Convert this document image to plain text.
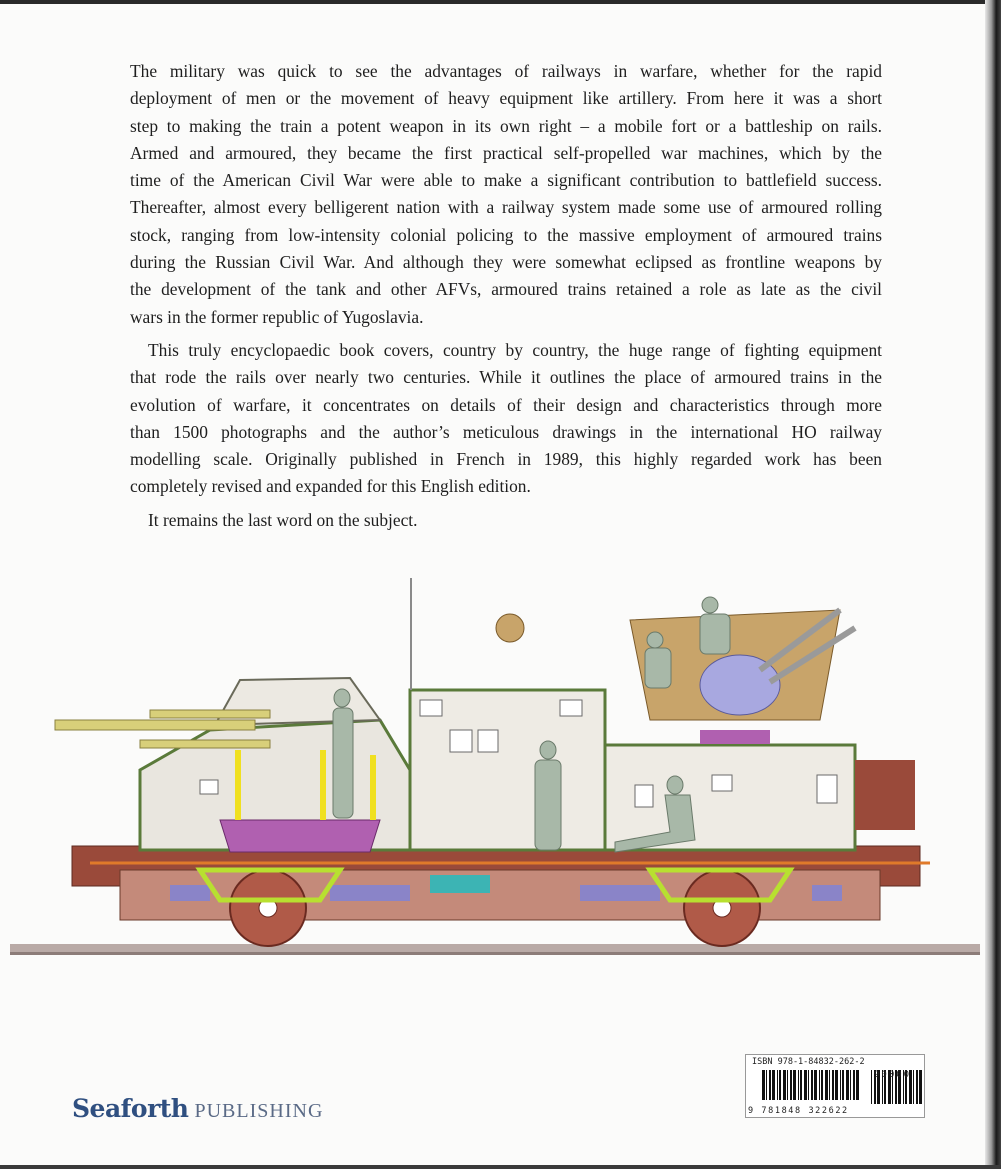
The military was quick to see the advantages of railways in warfare, whether for the rapid
deployment of men or the movement of heavy equipment like artillery. From here it was a short
step to making the train a potent weapon in its own right – a mobile fort or a battleship on rails.
Armed and armoured, they became the first practical self-propelled war machines, which by the
time of the American Civil War were able to make a significant contribution to battlefield success.
Thereafter, almost every belligerent nation with a railway system made some use of armoured rolling
stock, ranging from low-intensity colonial policing to the massive employment of armoured trains
during the Russian Civil War. And although they were somewhat eclipsed as frontline weapons by
the development of the tank and other AFVs, armoured trains retained a role as late as the civil
wars in the former republic of Yugoslavia.
This truly encyclopaedic book covers, country by country, the huge range of fighting equipment
that rode the rails over nearly two centuries. While it outlines the place of armoured trains in the
evolution of warfare, it concentrates on details of their design and characteristics through more
than 1500 photographs and the author’s meticulous drawings in the international HO railway
modelling scale. Originally published in French in 1989, this highly regarded work has been
completely revised and expanded for this English edition.
It remains the last word on the subject.
Seaforth PUBLISHING
ISBN 978-1-84832-262-2
90000
9 781848 322622
